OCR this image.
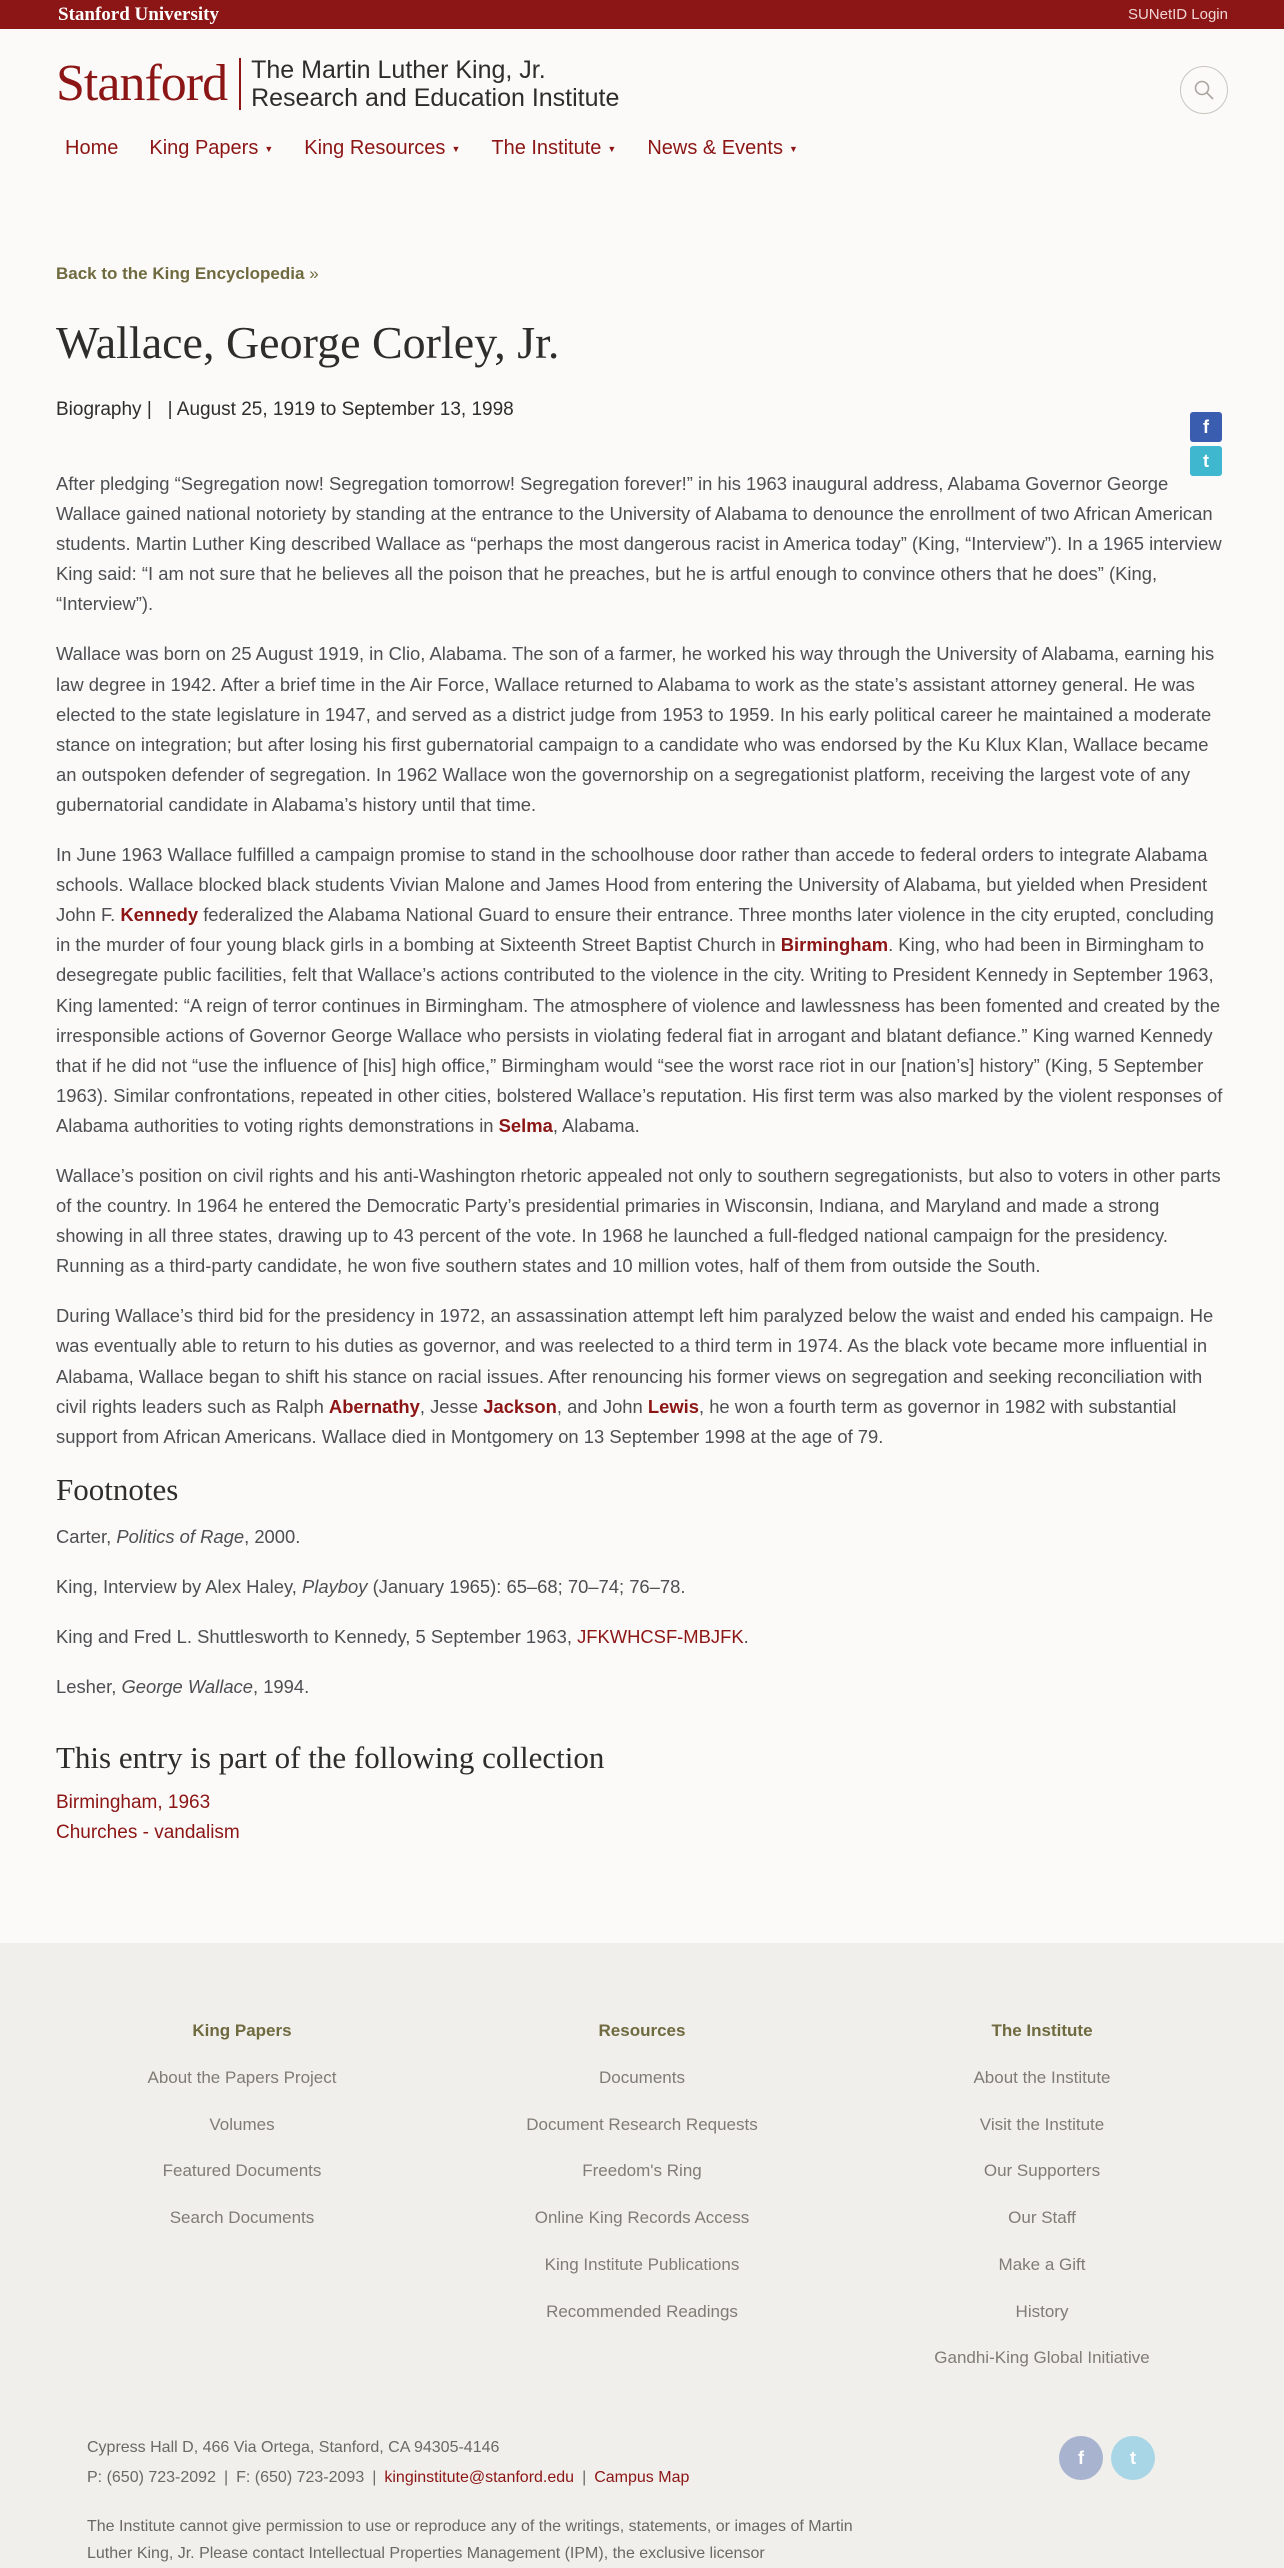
Stanford University	SUNetID Login
Stanford The Martin Luther King, Jr.
Research and Education Institute
Home King Papers ▼ King Resources ▼ The Institute ▼ News & Events ▼
Back to the King Encyclopedia »
Wallace, George Corley, Jr.
Biography |   | August 25, 1919 to September 13, 1998
f
t

After pledging “Segregation now! Segregation tomorrow! Segregation forever!” in his 1963 inaugural address, Alabama Governor George Wallace gained national notoriety by standing at the entrance to the University of Alabama to denounce the enrollment of two African American students. Martin Luther King described Wallace as “perhaps the most dangerous racist in America today” (King, “Interview”). In a 1965 interview King said: “I am not sure that he believes all the poison that he preaches, but he is artful enough to convince others that he does” (King, “Interview”).

Wallace was born on 25 August 1919, in Clio, Alabama. The son of a farmer, he worked his way through the University of Alabama, earning his law degree in 1942. After a brief time in the Air Force, Wallace returned to Alabama to work as the state’s assistant attorney general. He was elected to the state legislature in 1947, and served as a district judge from 1953 to 1959. In his early political career he maintained a moderate stance on integration; but after losing his first gubernatorial campaign to a candidate who was endorsed by the Ku Klux Klan, Wallace became an outspoken defender of segregation. In 1962 Wallace won the governorship on a segregationist platform, receiving the largest vote of any gubernatorial candidate in Alabama’s history until that time.

In June 1963 Wallace fulfilled a campaign promise to stand in the schoolhouse door rather than accede to federal orders to integrate Alabama schools. Wallace blocked black students Vivian Malone and James Hood from entering the University of Alabama, but yielded when President John F. Kennedy federalized the Alabama National Guard to ensure their entrance. Three months later violence in the city erupted, concluding in the murder of four young black girls in a bombing at Sixteenth Street Baptist Church in Birmingham. King, who had been in Birmingham to desegregate public facilities, felt that Wallace’s actions contributed to the violence in the city. Writing to President Kennedy in September 1963, King lamented: “A reign of terror continues in Birmingham. The atmosphere of violence and lawlessness has been fomented and created by the irresponsible actions of Governor George Wallace who persists in violating federal fiat in arrogant and blatant defiance.” King warned Kennedy that if he did not “use the influence of [his] high office,” Birmingham would “see the worst race riot in our [nation’s] history” (King, 5 September 1963). Similar confrontations, repeated in other cities, bolstered Wallace’s reputation. His first term was also marked by the violent responses of Alabama authorities to voting rights demonstrations in Selma, Alabama.

Wallace’s position on civil rights and his anti-Washington rhetoric appealed not only to southern segregationists, but also to voters in other parts of the country. In 1964 he entered the Democratic Party’s presidential primaries in Wisconsin, Indiana, and Maryland and made a strong showing in all three states, drawing up to 43 percent of the vote. In 1968 he launched a full-fledged national campaign for the presidency. Running as a third-party candidate, he won five southern states and 10 million votes, half of them from outside the South.

During Wallace’s third bid for the presidency in 1972, an assassination attempt left him paralyzed below the waist and ended his campaign. He was eventually able to return to his duties as governor, and was reelected to a third term in 1974. As the black vote became more influential in Alabama, Wallace began to shift his stance on racial issues. After renouncing his former views on segregation and seeking reconciliation with civil rights leaders such as Ralph Abernathy, Jesse Jackson, and John Lewis, he won a fourth term as governor in 1982 with substantial support from African Americans. Wallace died in Montgomery on 13 September 1998 at the age of 79.

Footnotes
Carter, Politics of Rage, 2000.
King, Interview by Alex Haley, Playboy (January 1965): 65–68; 70–74; 76–78.
King and Fred L. Shuttlesworth to Kennedy, 5 September 1963, JFKWHCSF-MBJFK.
Lesher, George Wallace, 1994.
This entry is part of the following collection
Birmingham, 1963
Churches - vandalism
King Papers
About the Papers Project
Volumes
Featured Documents
Search Documents
Resources
Documents
Document Research Requests
Freedom's Ring
Online King Records Access
King Institute Publications
Recommended Readings
The Institute
About the Institute
Visit the Institute
Our Supporters
Our Staff
Make a Gift
History
Gandhi-King Global Initiative
Cypress Hall D, 466 Via Ortega, Stanford, CA 94305-4146
P: (650) 723-2092 | F: (650) 723-2093 | kinginstitute@stanford.edu | Campus Map
The Institute cannot give permission to use or reproduce any of the writings, statements, or images of Martin Luther King, Jr. Please contact Intellectual Properties Management (IPM), the exclusive licensor
f	t
